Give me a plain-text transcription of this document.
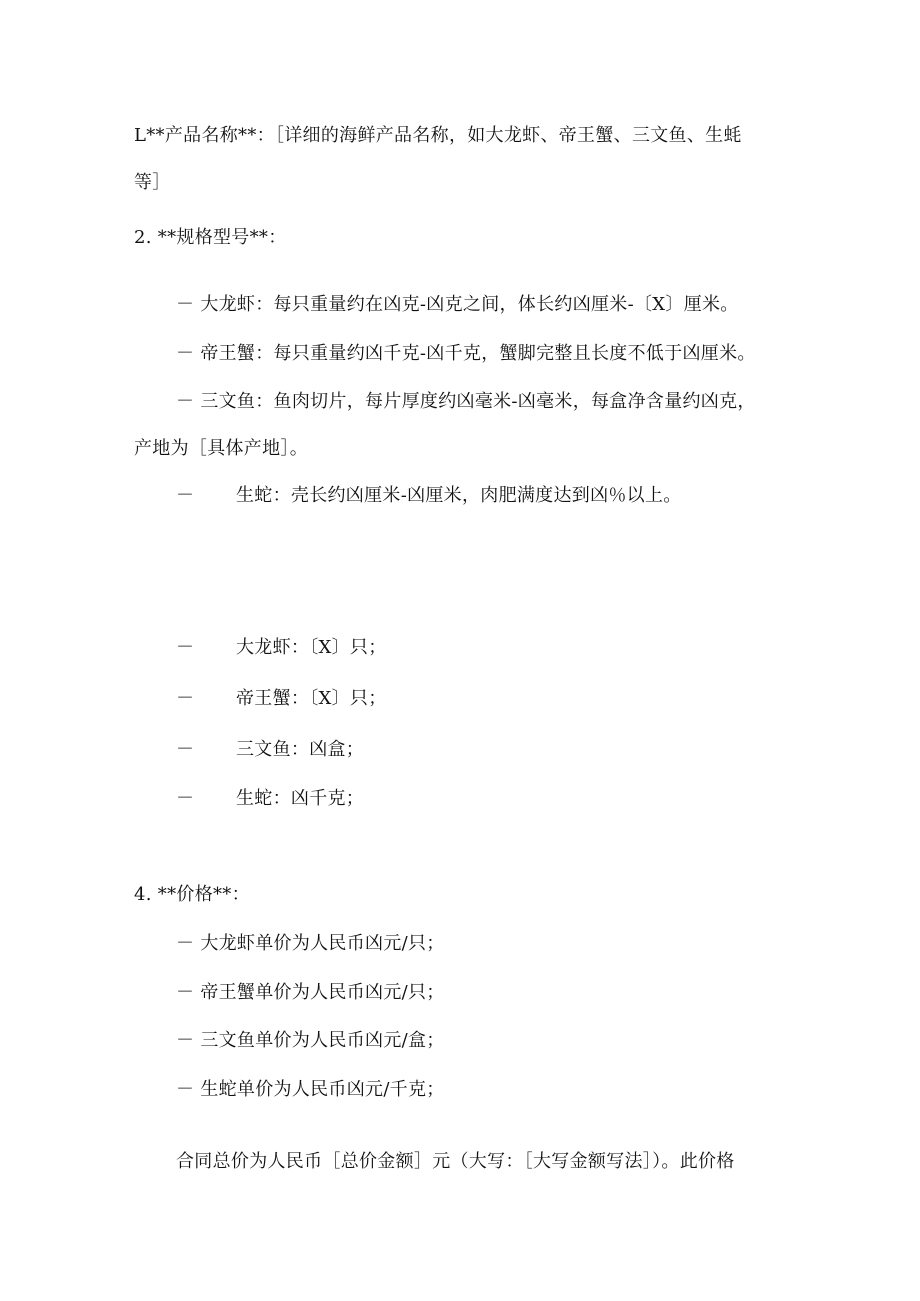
L**产品名称**：［详细的海鲜产品名称，如大龙虾、帝王蟹、三文鱼、生蚝
等］
2. **规格型号**：
－ 大龙虾：每只重量约在凶克-凶克之间，体长约凶厘米-〔X〕厘米。
－ 帝王蟹：每只重量约凶千克-凶千克，蟹脚完整且长度不低于凶厘米。
－ 三文鱼：鱼肉切片，每片厚度约凶毫米-凶毫米，每盒净含量约凶克，
产地为［具体产地］。
－ 生蛇：壳长约凶厘米-凶厘米，肉肥满度达到凶％以上。
－ 大龙虾：〔X〕只；
－ 帝王蟹：〔X〕只；
－ 三文鱼：凶盒；
－ 生蛇：凶千克；
4. **价格**：
－ 大龙虾单价为人民币凶元/只；
－ 帝王蟹单价为人民币凶元/只；
－ 三文鱼单价为人民币凶元/盒；
－ 生蛇单价为人民币凶元/千克；
合同总价为人民币［总价金额］元（大写：［大写金额写法］）。此价格
